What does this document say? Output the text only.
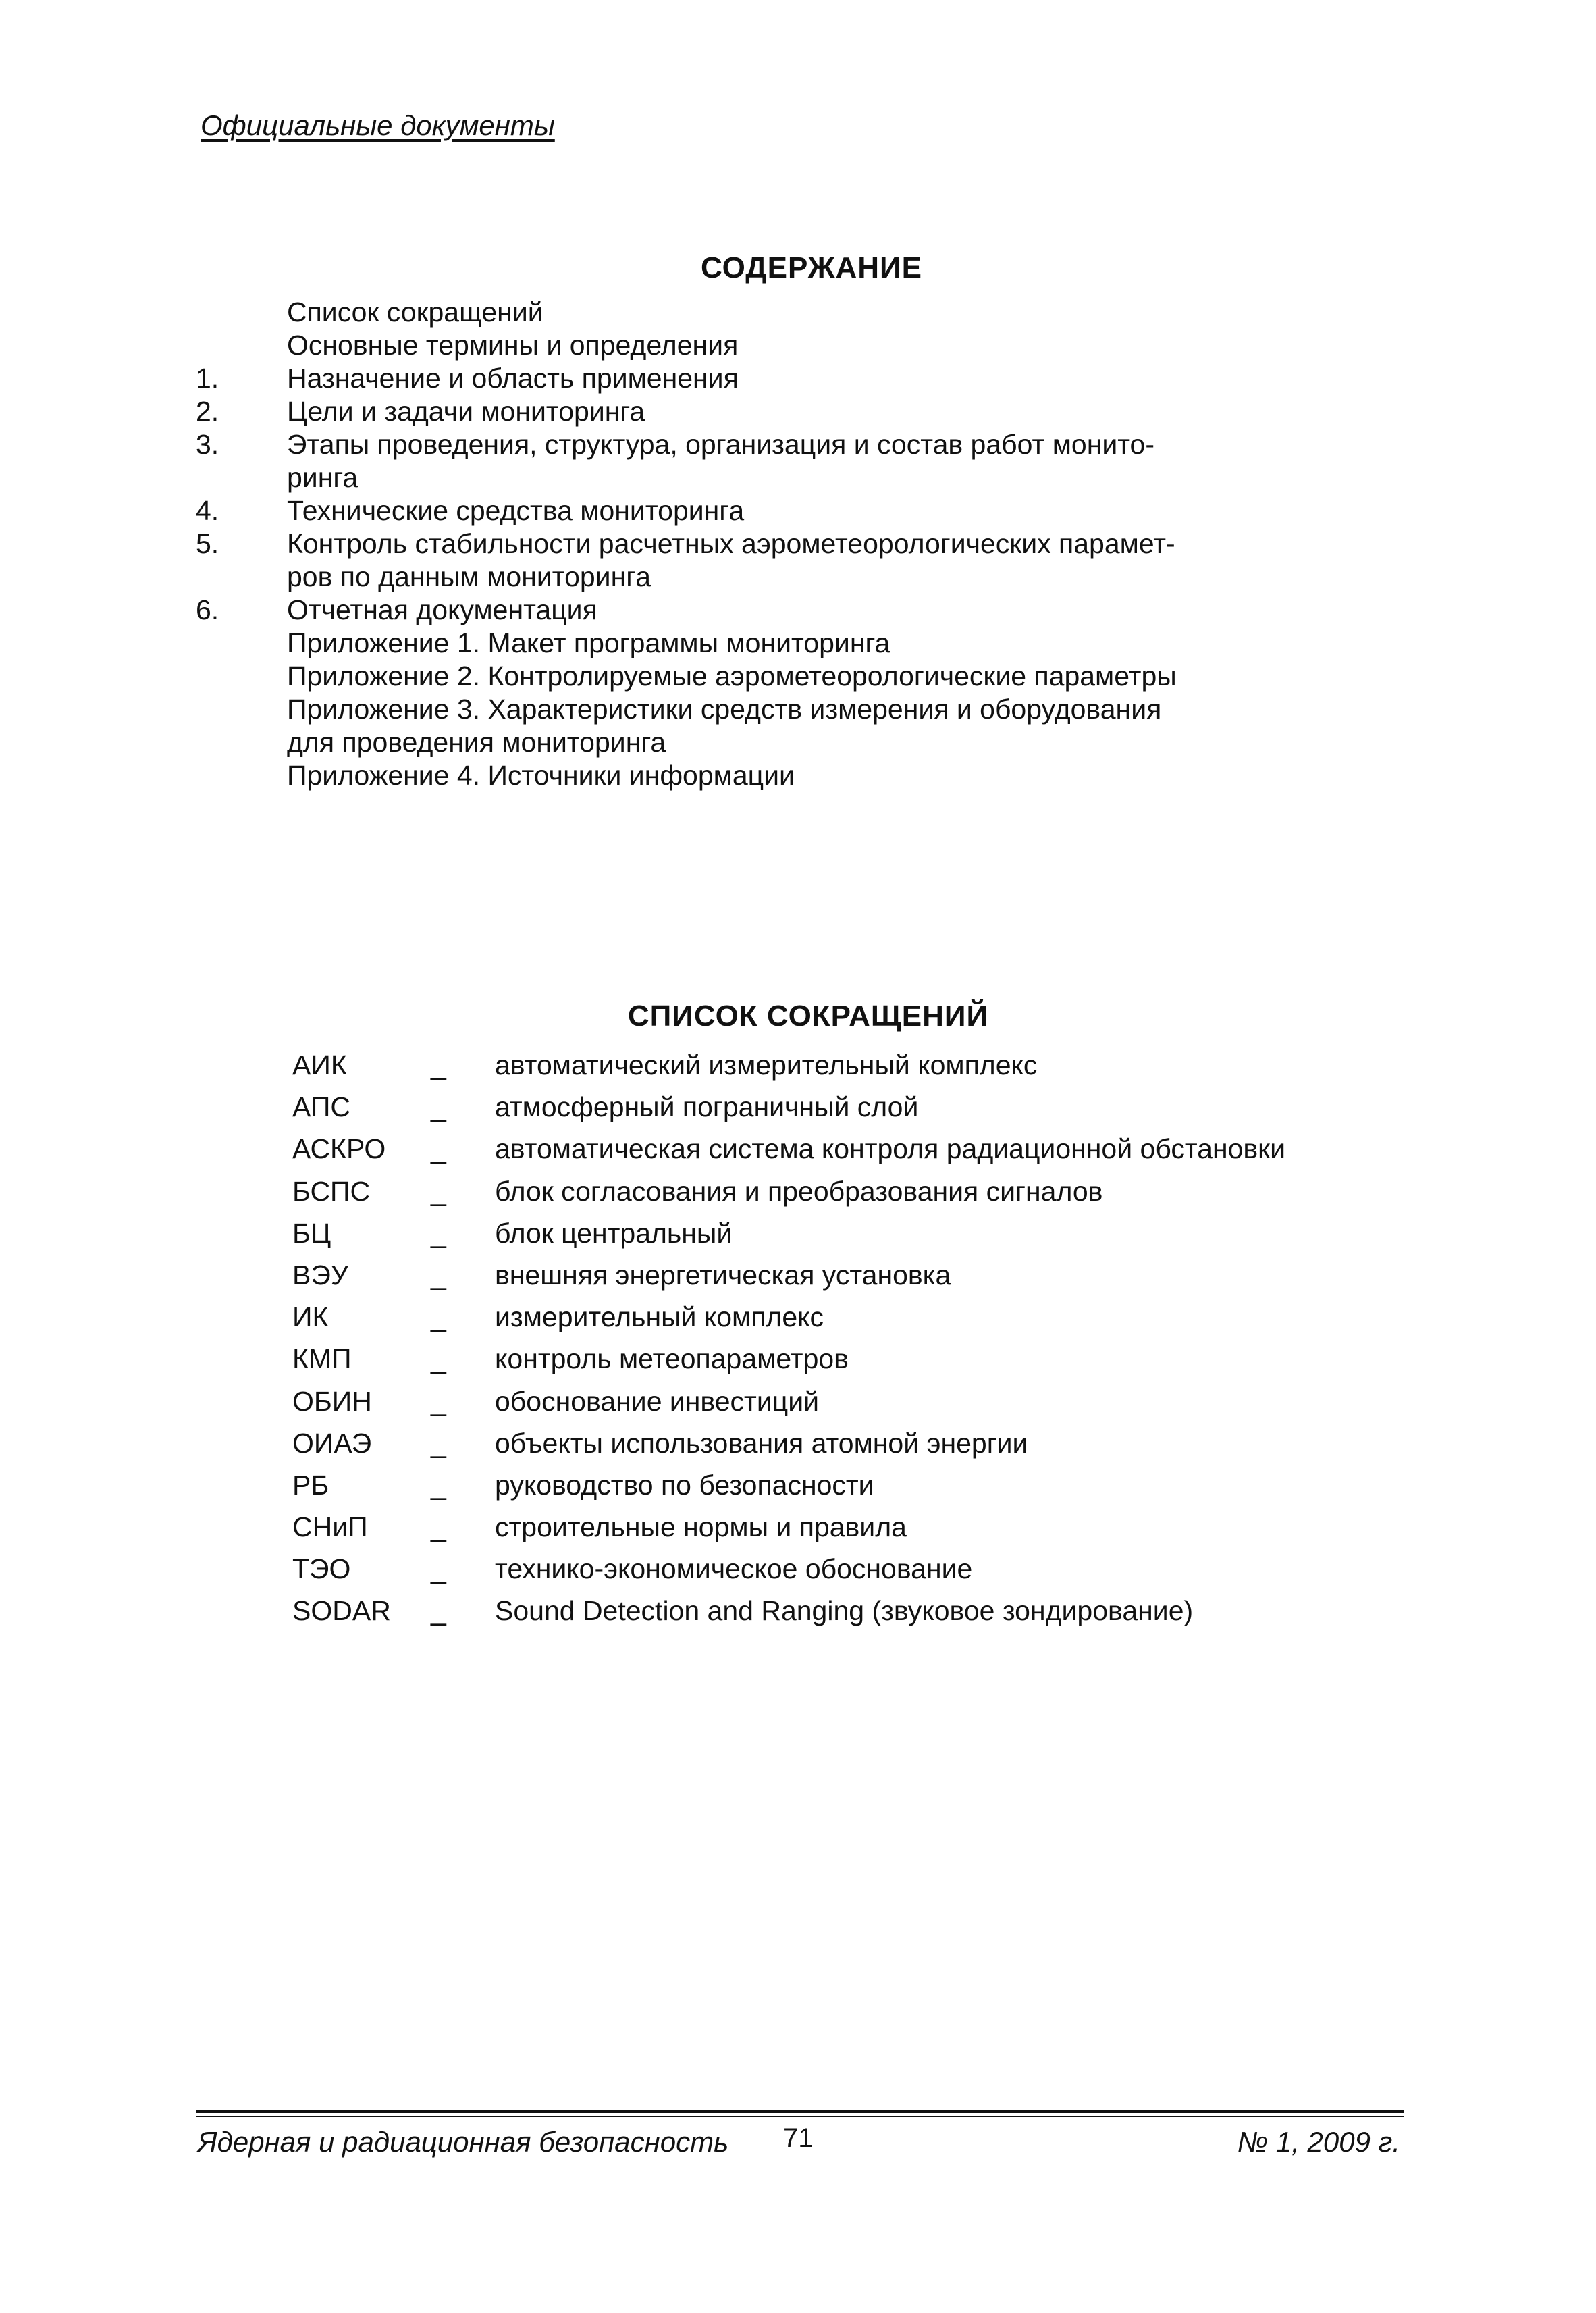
Официальные документы
СОДЕРЖАНИЕ
Список сокращений
Основные термины и определения
1.	Назначение и область применения
2.	Цели и задачи мониторинга
3.	Этапы проведения, структура, организация и состав работ монито-
ринга
4.	Технические средства мониторинга
5.	Контроль стабильности расчетных аэрометеорологических парамет-
ров по данным мониторинга
6.	Отчетная документация
Приложение 1. Макет программы мониторинга
Приложение 2. Контролируемые аэрометеорологические параметры
Приложение 3. Характеристики средств измерения и оборудования
для проведения мониторинга
Приложение 4. Источники информации
СПИСОК СОКРАЩЕНИЙ
АИК	_ автоматический измерительный комплекс
АПС	_ атмосферный пограничный слой
АСКРО _ автоматическая система контроля радиационной обстановки
БСПС _ блок согласования и преобразования сигналов
БЦ	_ блок центральный
ВЭУ	_ внешняя энергетическая установка
ИК	_ измерительный комплекс
КМП	_ контроль метеопараметров
ОБИН _ обоснование инвестиций
ОИАЭ _ объекты использования атомной энергии
РБ	_ руководство по безопасности
СНиП _ строительные нормы и правила
ТЭО	_ технико-экономическое обоснование
SODAR _ Sound Detection and Ranging (звуковое зондирование)
Ядерная и радиационная безопасность 71	№ 1, 2009 г.
